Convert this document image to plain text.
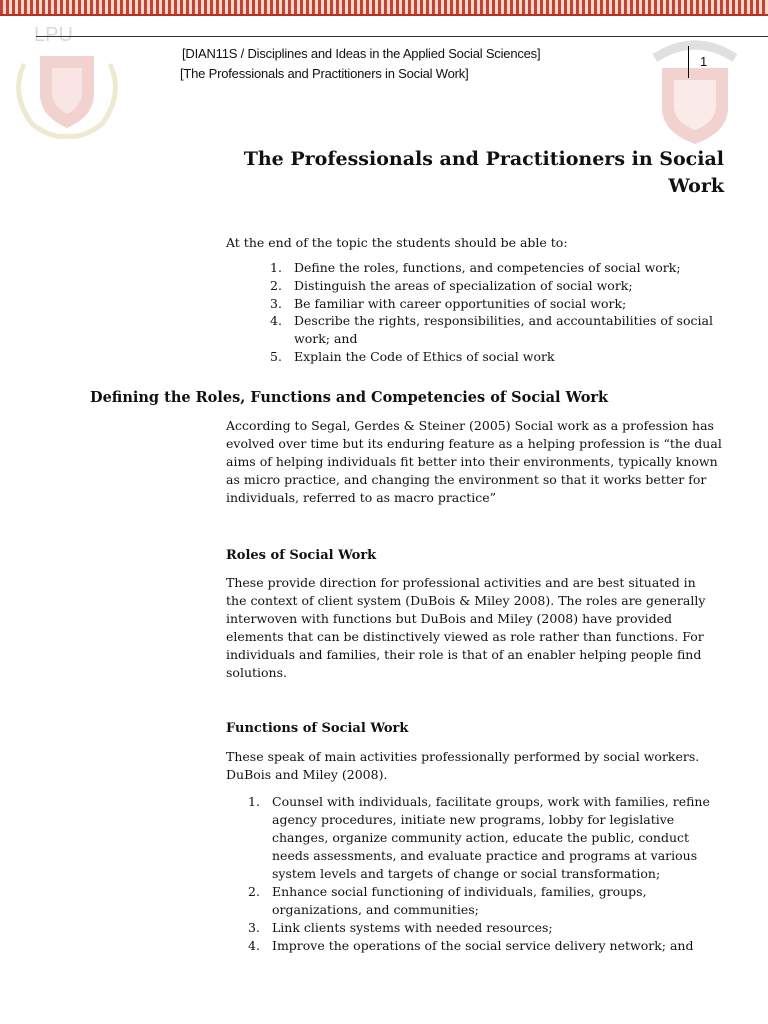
LPU
1
[DIAN11S / Disciplines and Ideas in the Applied Social Sciences]
[The Professionals and Practitioners in Social Work]
The Professionals and Practitioners in Social Work
At the end of the topic the students should be able to:
1. Define the roles, functions, and competencies of social work;
2. Distinguish the areas of specialization of social work;
3. Be familiar with career opportunities of social work;
4. Describe the rights, responsibilities, and accountabilities of social work; and
5. Explain the Code of Ethics of social work
Defining the Roles, Functions and Competencies of Social Work
According to Segal, Gerdes & Steiner (2005) Social work as a profession has evolved over time but its enduring feature as a helping profession is “the dual aims of helping individuals fit better into their environments, typically known as micro practice, and changing the environment so that it works better for individuals, referred to as macro practice”
Roles of Social Work
These provide direction for professional activities and are best situated in the context of client system (DuBois & Miley 2008). The roles are generally interwoven with functions but DuBois and Miley (2008) have provided elements that can be distinctively viewed as role rather than functions. For individuals and families, their role is that of an enabler helping people find solutions.
Functions of Social Work
These speak of main activities professionally performed by social workers. DuBois and Miley (2008).
1. Counsel with individuals, facilitate groups, work with families, refine agency procedures, initiate new programs, lobby for legislative changes, organize community action, educate the public, conduct needs assessments, and evaluate practice and programs at various system levels and targets of change or social transformation;
2. Enhance social functioning of individuals, families, groups, organizations, and communities;
3. Link clients systems with needed resources;
4. Improve the operations of the social service delivery network; and
